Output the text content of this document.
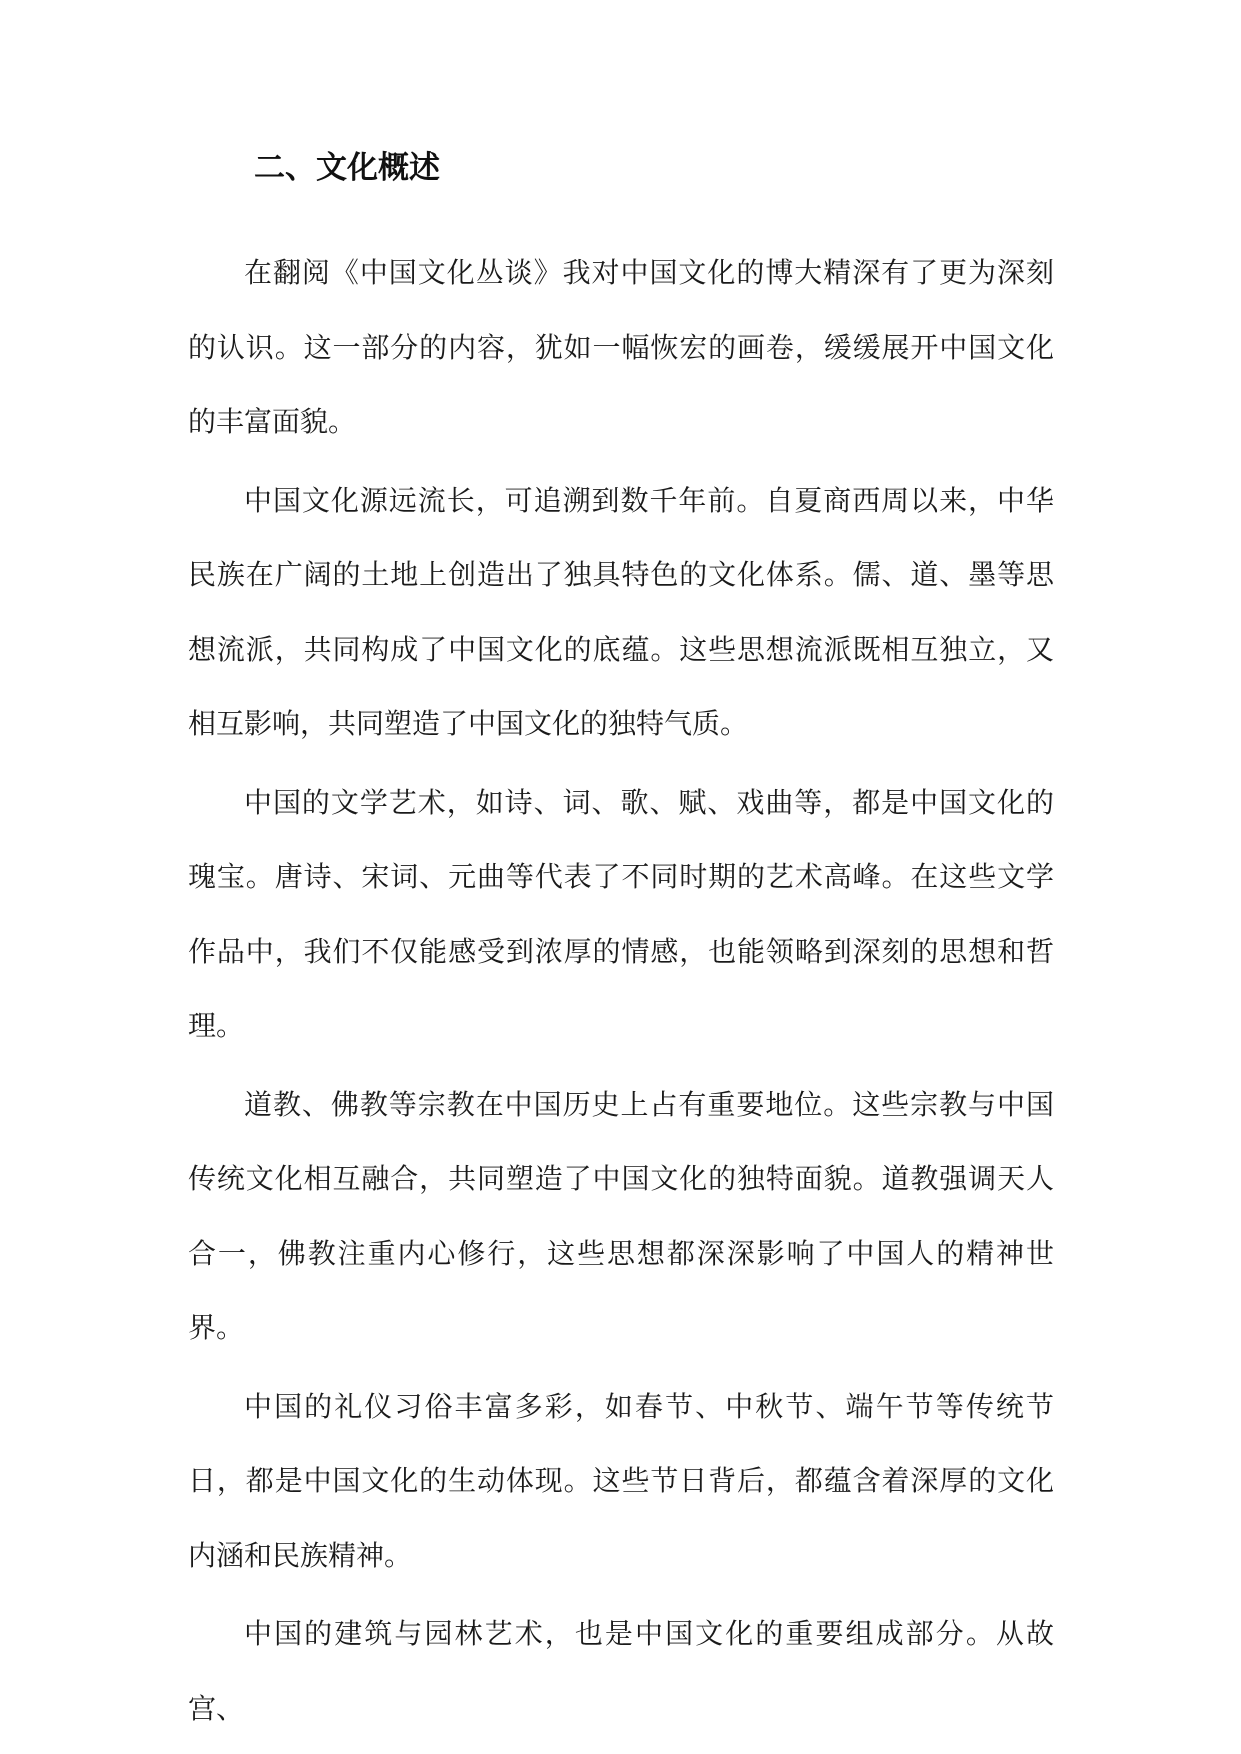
二、文化概述

在翻阅《中国文化丛谈》我对中国文化的博大精深有了更为深刻的认识。这一部分的内容，犹如一幅恢宏的画卷，缓缓展开中国文化的丰富面貌。

中国文化源远流长，可追溯到数千年前。自夏商西周以来，中华民族在广阔的土地上创造出了独具特色的文化体系。儒、道、墨等思想流派，共同构成了中国文化的底蕴。这些思想流派既相互独立，又相互影响，共同塑造了中国文化的独特气质。

中国的文学艺术，如诗、词、歌、赋、戏曲等，都是中国文化的瑰宝。唐诗、宋词、元曲等代表了不同时期的艺术高峰。在这些文学作品中，我们不仅能感受到浓厚的情感，也能领略到深刻的思想和哲理。

道教、佛教等宗教在中国历史上占有重要地位。这些宗教与中国传统文化相互融合，共同塑造了中国文化的独特面貌。道教强调天人合一，佛教注重内心修行，这些思想都深深影响了中国人的精神世界。

中国的礼仪习俗丰富多彩，如春节、中秋节、端午节等传统节日，都是中国文化的生动体现。这些节日背后，都蕴含着深厚的文化内涵和民族精神。

中国的建筑与园林艺术，也是中国文化的重要组成部分。从故宫、
